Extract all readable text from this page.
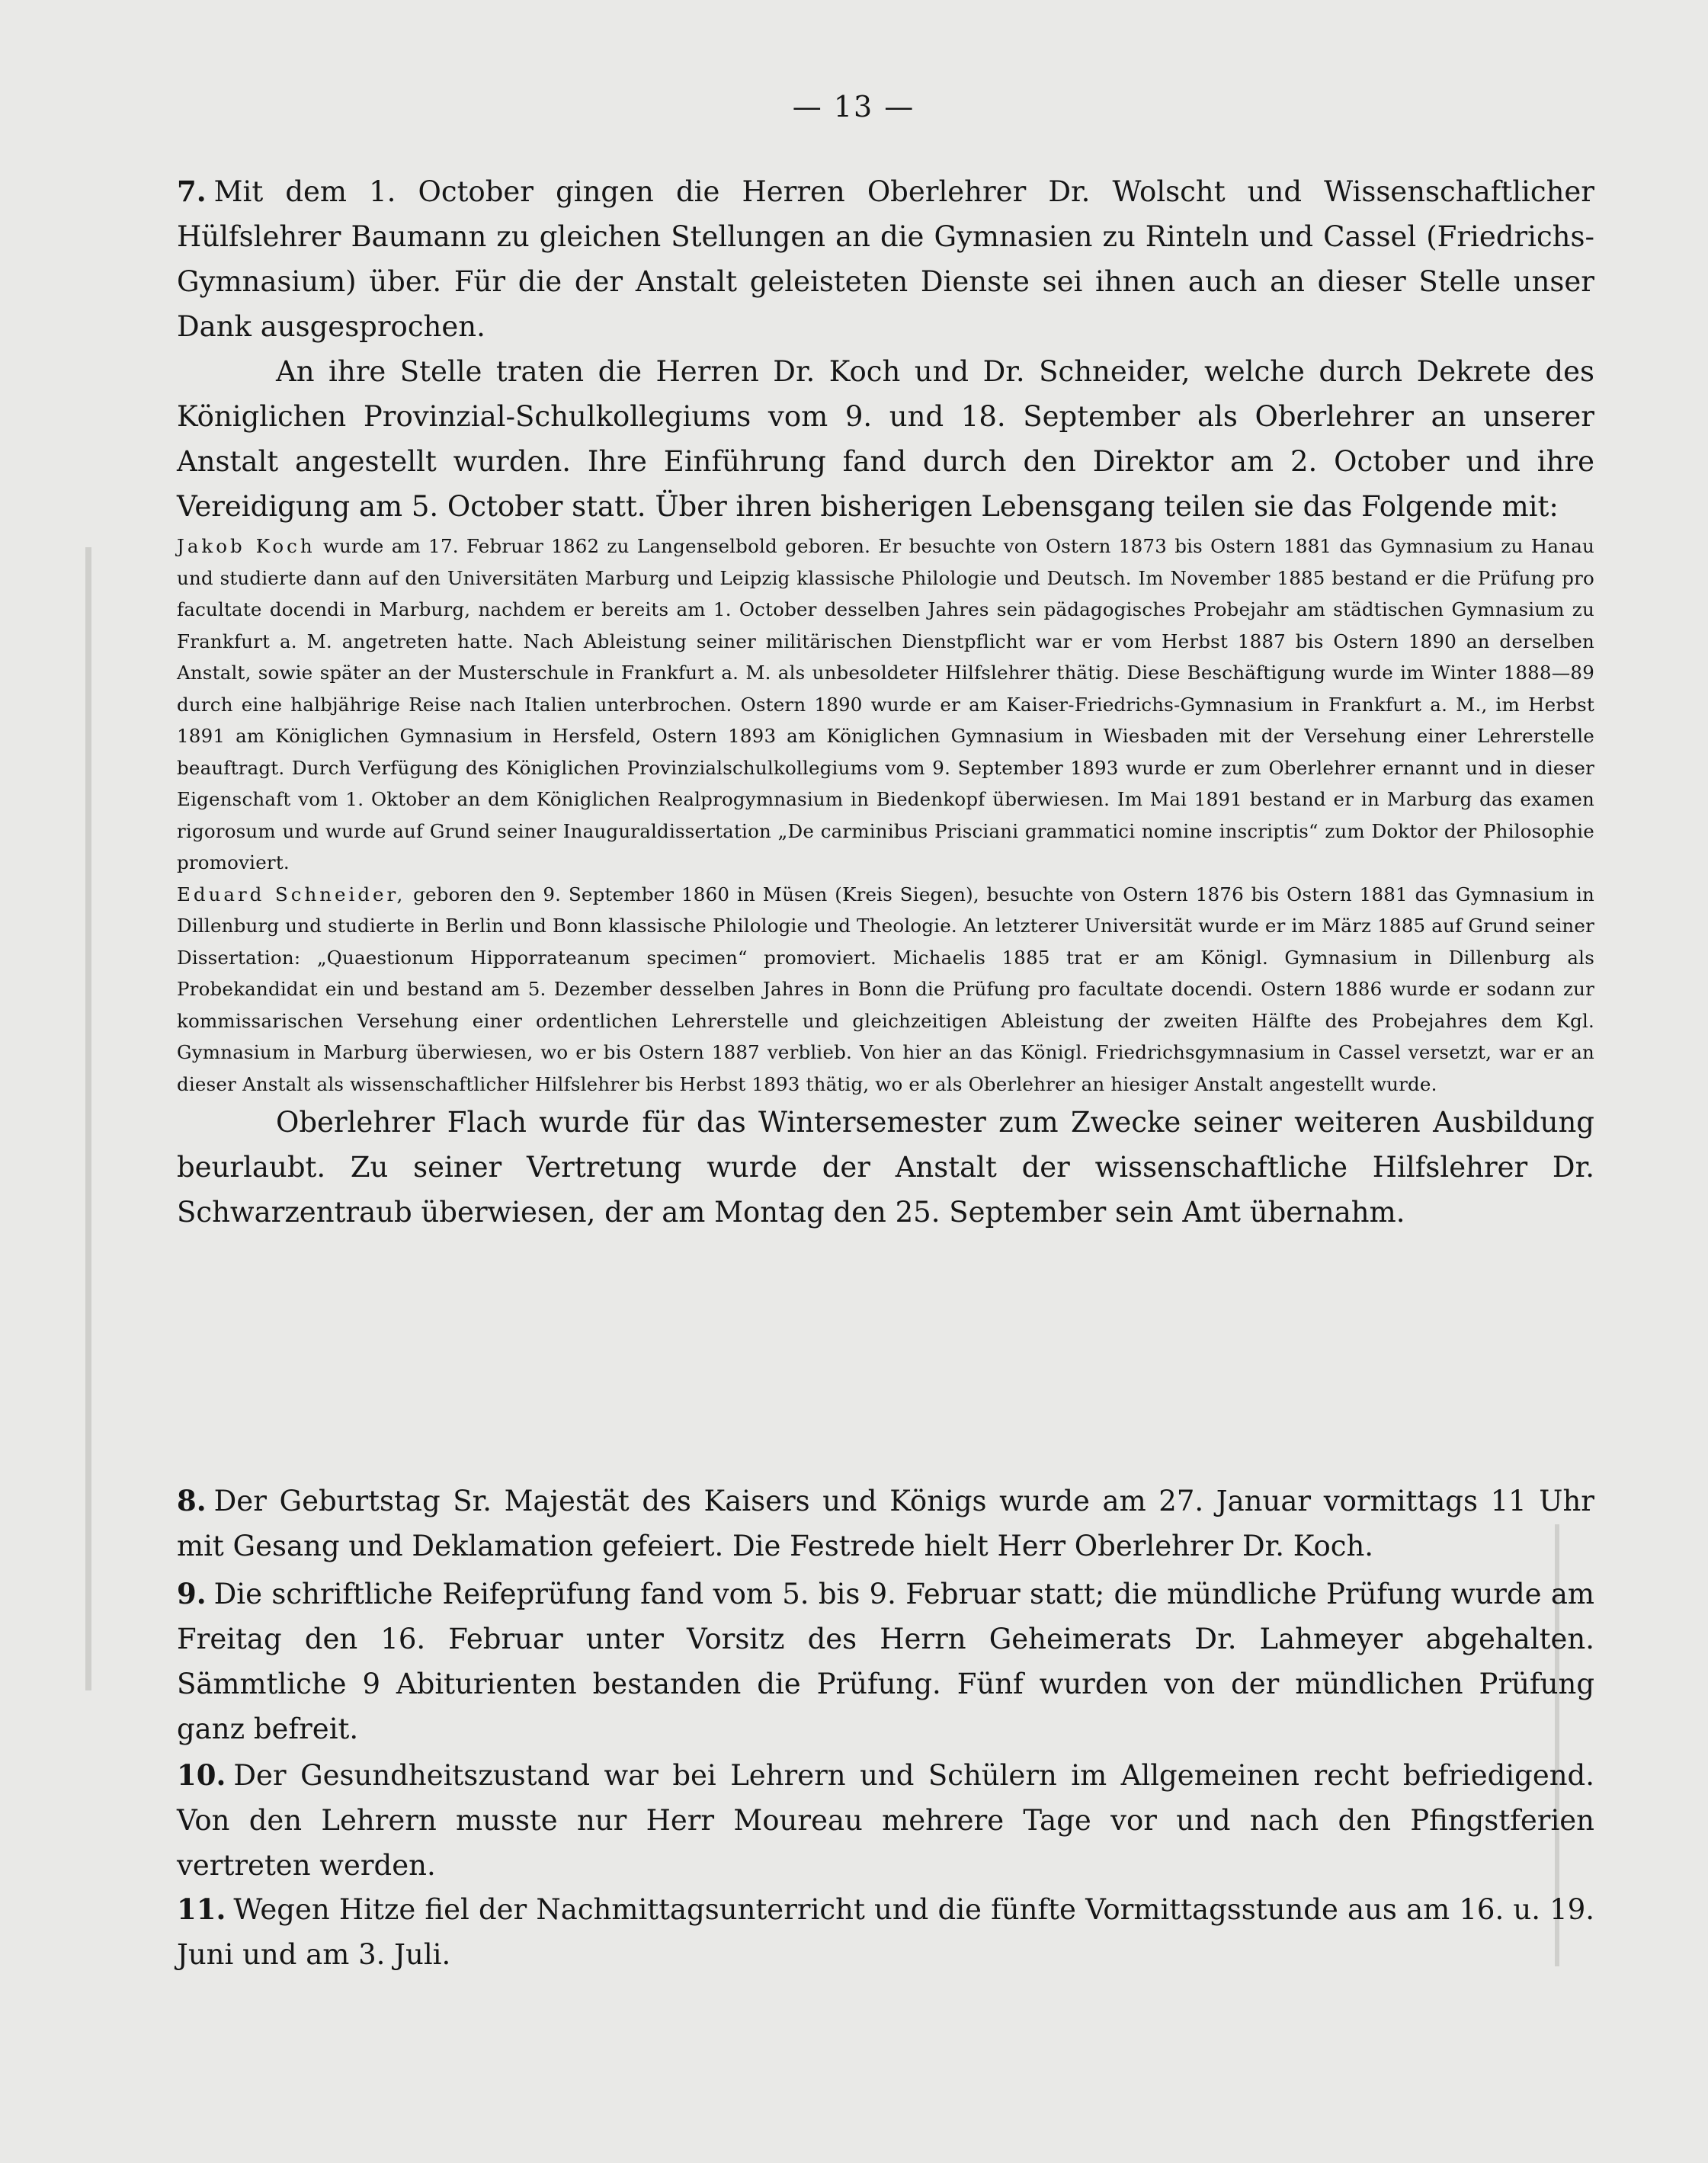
— 13 —

7. Mit dem 1. October gingen die Herren Oberlehrer Dr. Wolscht und Wissenschaftlicher Hülfslehrer Baumann zu gleichen Stellungen an die Gymnasien zu Rinteln und Cassel (Friedrichs-Gymnasium) über. Für die der Anstalt geleisteten Dienste sei ihnen auch an dieser Stelle unser Dank ausgesprochen.

An ihre Stelle traten die Herren Dr. Koch und Dr. Schneider, welche durch Dekrete des Königlichen Provinzial-Schulkollegiums vom 9. und 18. September als Oberlehrer an unserer Anstalt angestellt wurden. Ihre Einführung fand durch den Direktor am 2. October und ihre Vereidigung am 5. October statt. Über ihren bisherigen Lebensgang teilen sie das Folgende mit:

Jakob Koch wurde am 17. Februar 1862 zu Langenselbold geboren. Er besuchte von Ostern 1873 bis Ostern 1881 das Gymnasium zu Hanau und studierte dann auf den Universitäten Marburg und Leipzig klassische Philologie und Deutsch. Im November 1885 bestand er die Prüfung pro facultate docendi in Marburg, nachdem er bereits am 1. October desselben Jahres sein pädagogisches Probejahr am städtischen Gymnasium zu Frankfurt a. M. angetreten hatte. Nach Ableistung seiner militärischen Dienstpflicht war er vom Herbst 1887 bis Ostern 1890 an derselben Anstalt, sowie später an der Musterschule in Frankfurt a. M. als unbesoldeter Hilfslehrer thätig. Diese Beschäftigung wurde im Winter 1888—89 durch eine halbjährige Reise nach Italien unterbrochen. Ostern 1890 wurde er am Kaiser-Friedrichs-Gymnasium in Frankfurt a. M., im Herbst 1891 am Königlichen Gymnasium in Hersfeld, Ostern 1893 am Königlichen Gymnasium in Wiesbaden mit der Versehung einer Lehrerstelle beauftragt. Durch Verfügung des Königlichen Provinzialschulkollegiums vom 9. September 1893 wurde er zum Oberlehrer ernannt und in dieser Eigenschaft vom 1. Oktober an dem Königlichen Realprogymnasium in Biedenkopf überwiesen. Im Mai 1891 bestand er in Marburg das examen rigorosum und wurde auf Grund seiner Inauguraldissertation „De carminibus Prisciani grammatici nomine inscriptis“ zum Doktor der Philosophie promoviert.

Eduard Schneider, geboren den 9. September 1860 in Müsen (Kreis Siegen), besuchte von Ostern 1876 bis Ostern 1881 das Gymnasium in Dillenburg und studierte in Berlin und Bonn klassische Philologie und Theologie. An letzterer Universität wurde er im März 1885 auf Grund seiner Dissertation: „Quaestionum Hipporrateanum specimen“ promoviert. Michaelis 1885 trat er am Königl. Gymnasium in Dillenburg als Probekandidat ein und bestand am 5. Dezember desselben Jahres in Bonn die Prüfung pro facultate docendi. Ostern 1886 wurde er sodann zur kommissarischen Versehung einer ordentlichen Lehrerstelle und gleichzeitigen Ableistung der zweiten Hälfte des Probejahres dem Kgl. Gymnasium in Marburg überwiesen, wo er bis Ostern 1887 verblieb. Von hier an das Königl. Friedrichsgymnasium in Cassel versetzt, war er an dieser Anstalt als wissenschaftlicher Hilfslehrer bis Herbst 1893 thätig, wo er als Oberlehrer an hiesiger Anstalt angestellt wurde.

Oberlehrer Flach wurde für das Wintersemester zum Zwecke seiner weiteren Ausbildung beurlaubt. Zu seiner Vertretung wurde der Anstalt der wissenschaftliche Hilfslehrer Dr. Schwarzentraub überwiesen, der am Montag den 25. September sein Amt übernahm.

8. Der Geburtstag Sr. Majestät des Kaisers und Königs wurde am 27. Januar vormittags 11 Uhr mit Gesang und Deklamation gefeiert. Die Festrede hielt Herr Oberlehrer Dr. Koch.

9. Die schriftliche Reifeprüfung fand vom 5. bis 9. Februar statt; die mündliche Prüfung wurde am Freitag den 16. Februar unter Vorsitz des Herrn Geheimerats Dr. Lahmeyer abgehalten. Sämmtliche 9 Abiturienten bestanden die Prüfung. Fünf wurden von der mündlichen Prüfung ganz befreit.

10. Der Gesundheitszustand war bei Lehrern und Schülern im Allgemeinen recht befriedigend. Von den Lehrern musste nur Herr Moureau mehrere Tage vor und nach den Pfingstferien vertreten werden.

11. Wegen Hitze fiel der Nachmittagsunterricht und die fünfte Vormittagsstunde aus am 16. u. 19. Juni und am 3. Juli.
